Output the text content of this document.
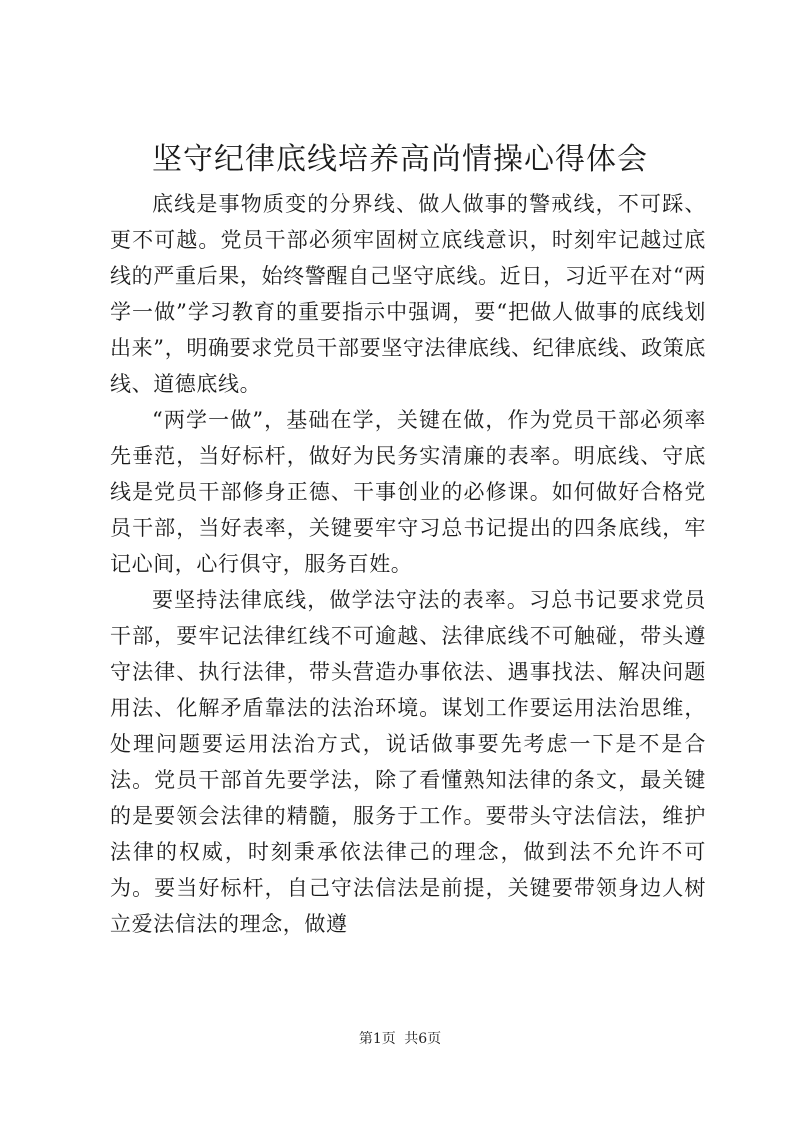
坚守纪律底线培养高尚情操心得体会

底线是事物质变的分界线、做人做事的警戒线，不可踩、更不可越。党员干部必须牢固树立底线意识，时刻牢记越过底线的严重后果，始终警醒自己坚守底线。近日，习近平在对“两学一做”学习教育的重要指示中强调，要“把做人做事的底线划出来”，明确要求党员干部要坚守法律底线、纪律底线、政策底线、道德底线。

“两学一做”，基础在学，关键在做，作为党员干部必须率先垂范，当好标杆，做好为民务实清廉的表率。明底线、守底线是党员干部修身正德、干事创业的必修课。如何做好合格党员干部，当好表率，关键要牢守习总书记提出的四条底线，牢记心间，心行俱守，服务百姓。

要坚持法律底线，做学法守法的表率。习总书记要求党员干部，要牢记法律红线不可逾越、法律底线不可触碰，带头遵守法律、执行法律，带头营造办事依法、遇事找法、解决问题用法、化解矛盾靠法的法治环境。谋划工作要运用法治思维，处理问题要运用法治方式，说话做事要先考虑一下是不是合法。党员干部首先要学法，除了看懂熟知法律的条文，最关键的是要领会法律的精髓，服务于工作。要带头守法信法，维护法律的权威，时刻秉承依法律己的理念，做到法不允许不可为。要当好标杆，自己守法信法是前提，关键要带领身边人树立爱法信法的理念，做遵

第1页 共6页
